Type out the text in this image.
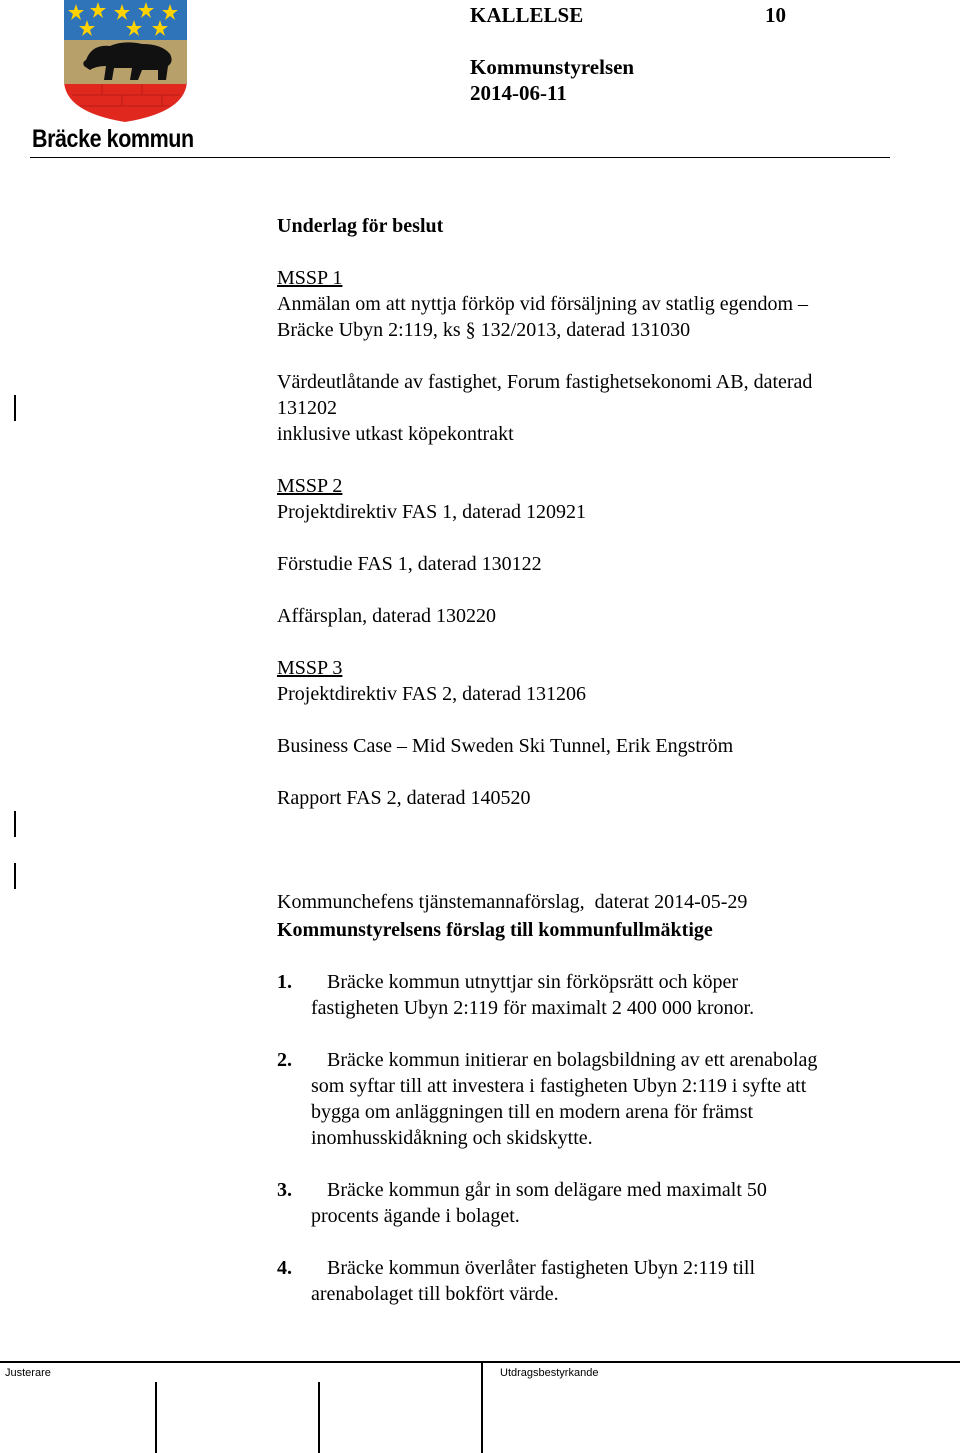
Bräcke kommun
KALLELSE	10
Kommunstyrelsen
2014-06-11
Underlag för beslut
MSSP 1
Anmälan om att nyttja förköp vid försäljning av statlig egendom –
Bräcke Ubyn 2:119, ks § 132/2013, daterad 131030
Värdeutlåtande av fastighet, Forum fastighetsekonomi AB, daterad
131202
inklusive utkast köpekontrakt
MSSP 2
Projektdirektiv FAS 1, daterad 120921
Förstudie FAS 1, daterad 130122
Affärsplan, daterad 130220
MSSP 3
Projektdirektiv FAS 2, daterad 131206
Business Case – Mid Sweden Ski Tunnel, Erik Engström
Rapport FAS 2, daterad 140520

Kommunchefens tjänstemannaförslag,  daterat 2014-05-29

Kommunstyrelsens förslag till kommunfullmäktige
1. Bräcke kommun utnyttjar sin förköpsrätt och köper
fastigheten Ubyn 2:119 för maximalt 2 400 000 kronor.
2. Bräcke kommun initierar en bolagsbildning av ett arenabolag
som syftar till att investera i fastigheten Ubyn 2:119 i syfte att
bygga om anläggningen till en modern arena för främst
inomhusskidåkning och skidskytte.
3. Bräcke kommun går in som delägare med maximalt 50
procents ägande i bolaget.
4. Bräcke kommun överlåter fastigheten Ubyn 2:119 till
arenabolaget till bokfört värde.
Justerare	Utdragsbestyrkande
